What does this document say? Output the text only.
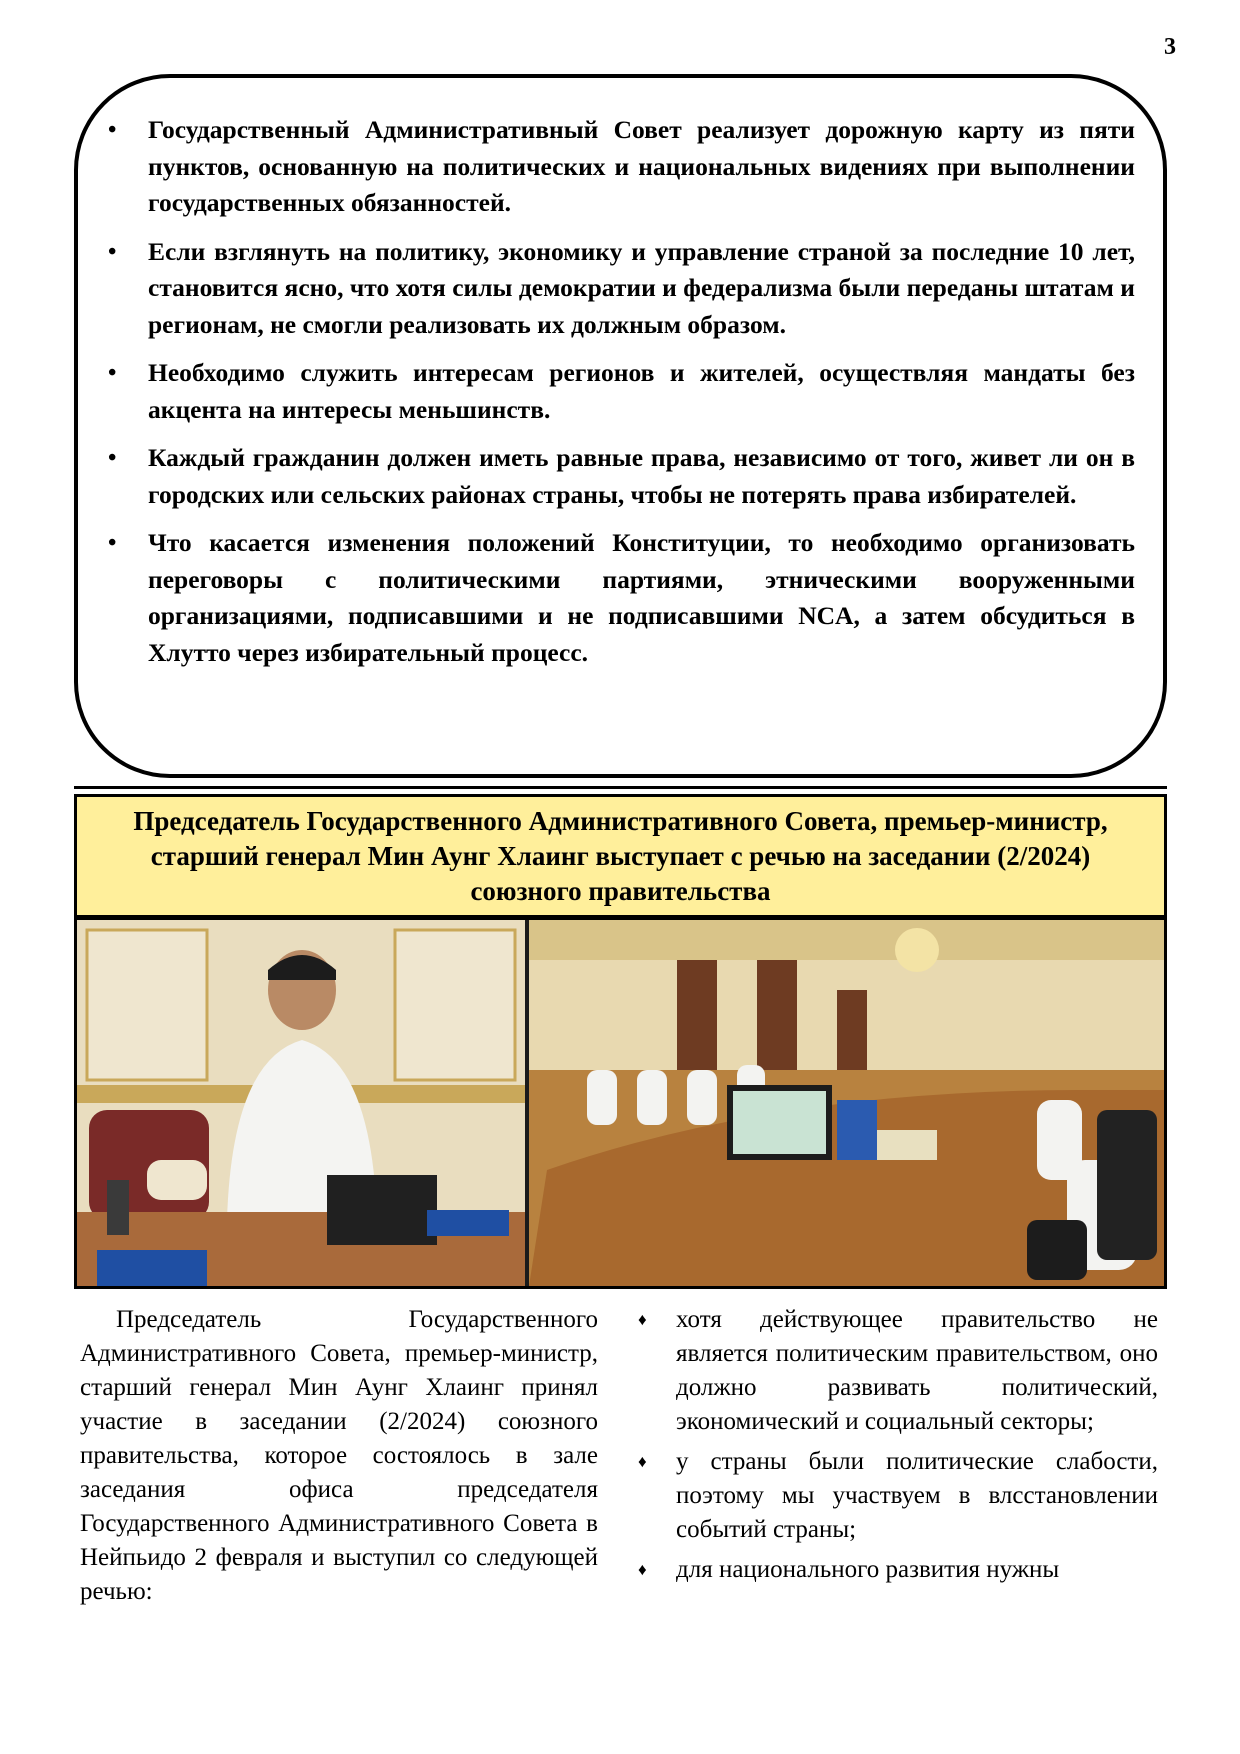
3
• Государственный Административный Совет реализует дорожную карту из пяти пунктов, основанную на политических и национальных видениях при выполнении государственных обязанностей.
• Если взглянуть на политику, экономику и управление страной за последние 10 лет, становится ясно, что хотя силы демократии и федерализма были переданы штатам и регионам, не смогли реализовать их должным образом.
• Необходимо служить интересам регионов и жителей, осуществляя мандаты без акцента на интересы меньшинств.
• Каждый гражданин должен иметь равные права, независимо от того, живет ли он в городских или сельских районах страны, чтобы не потерять права избирателей.
• Что касается изменения положений Конституции, то необходимо организовать переговоры с политическими партиями, этническими вооруженными организациями, подписавшими и не подписавшими NCA, а затем обсудиться в Хлутто через избирательный процесс.

Председатель Государственного Административного Совета, премьер-министр, старший генерал Мин Аунг Хлаинг выступает с речью на заседании (2/2024) союзного правительства

Председатель Государственного Административного Совета, премьер-министр, старший генерал Мин Аунг Хлаинг принял участие в заседании (2/2024) союзного правительства, которое состоялось в зале заседания офиса председателя Государственного Административного Совета в Нейпьидо 2 февраля и выступил со следующей речью:

♦ хотя действующее правительство не является политическим правительством, оно должно развивать политический, экономический и социальный секторы;
♦ у страны были политические слабости, поэтому мы участвуем в влсстановлении событий страны;
♦ для национального развития нужны
